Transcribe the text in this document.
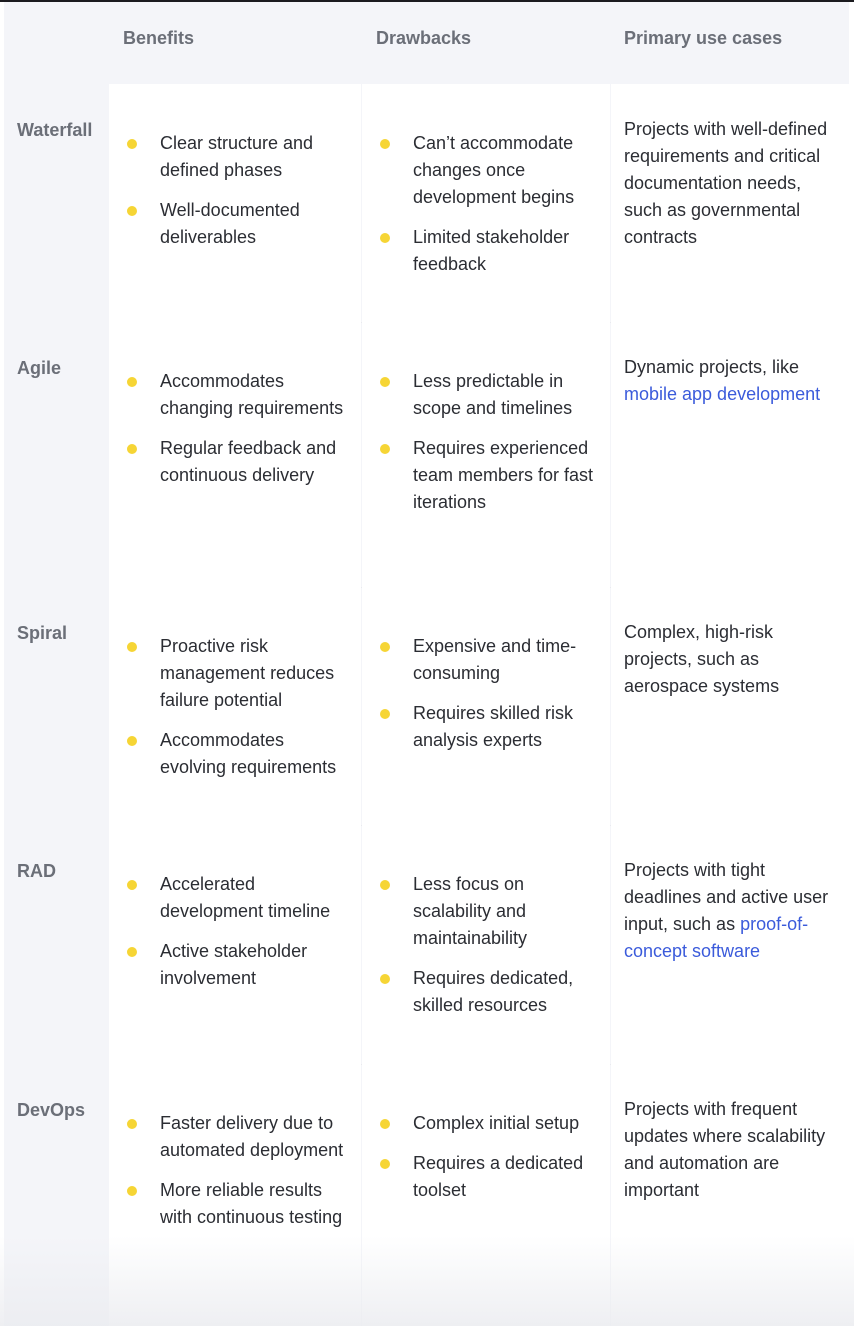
Benefits	Drawbacks	Primary use cases
Waterfall
Clear structure and defined phases
Well-documented deliverables
Can’t accommodate changes once development begins
Limited stakeholder feedback
Projects with well-defined requirements and critical documentation needs, such as governmental contracts
Agile
Accommodates changing requirements
Regular feedback and continuous delivery
Less predictable in scope and timelines
Requires experienced team members for fast iterations
Dynamic projects, like mobile app development
Spiral
Proactive risk management reduces failure potential
Accommodates evolving requirements
Expensive and time-consuming
Requires skilled risk analysis experts
Complex, high-risk projects, such as aerospace systems
RAD
Accelerated development timeline
Active stakeholder involvement
Less focus on scalability and maintainability
Requires dedicated, skilled resources
Projects with tight deadlines and active user input, such as proof-of-concept software
DevOps
Faster delivery due to automated deployment
More reliable results with continuous testing
Complex initial setup
Requires a dedicated toolset
Projects with frequent updates where scalability and automation are important
